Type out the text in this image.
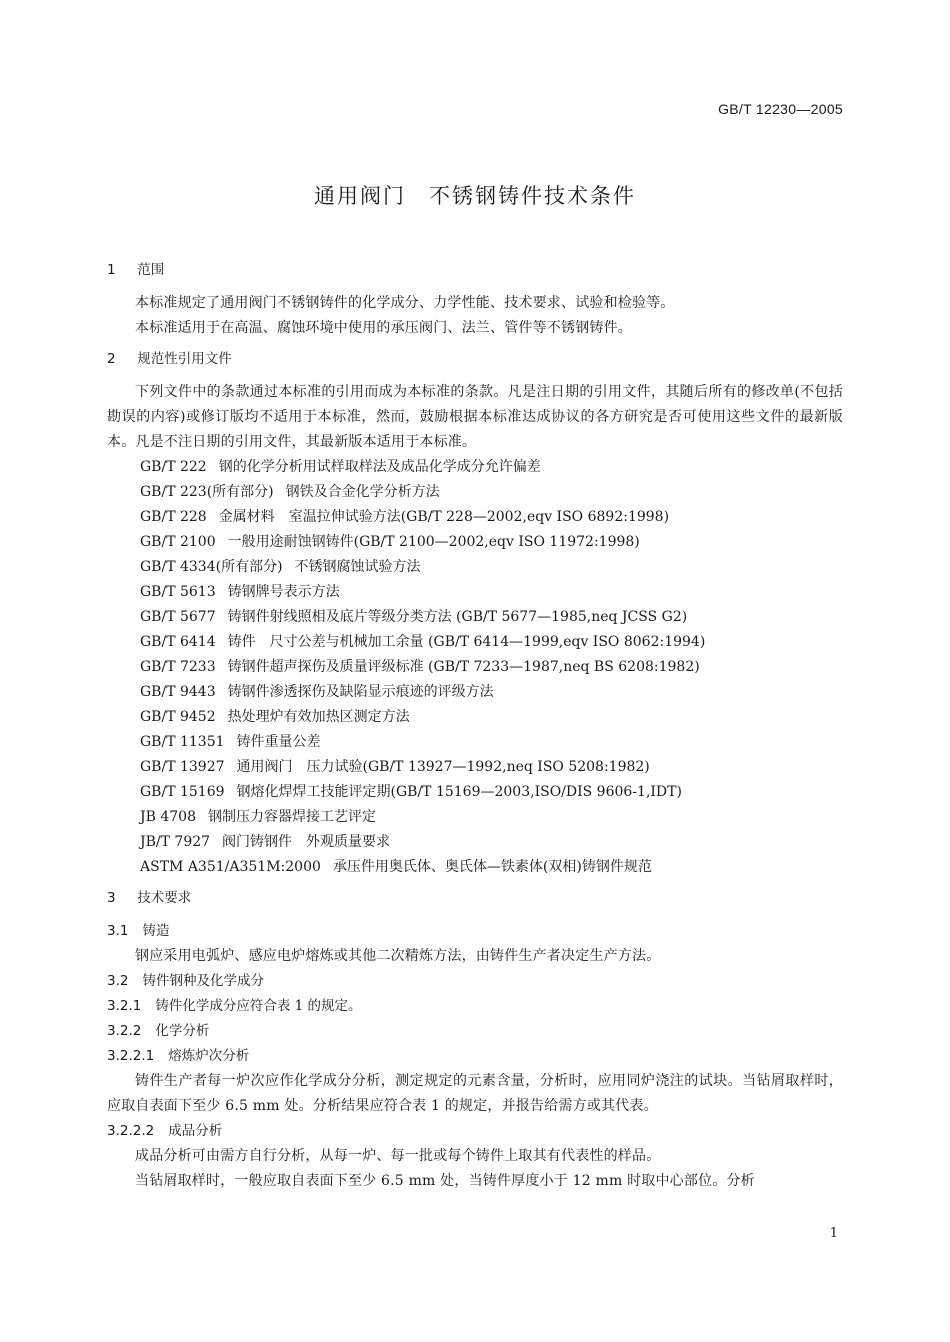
GB/T 12230—2005
通用阀门　不锈钢铸件技术条件
1 范围

本标准规定了通用阀门不锈钢铸件的化学成分、力学性能、技术要求、试验和检验等。

本标准适用于在高温、腐蚀环境中使用的承压阀门、法兰、管件等不锈钢铸件。

2 规范性引用文件

下列文件中的条款通过本标准的引用而成为本标准的条款。凡是注日期的引用文件，其随后所有的修改单(不包括勘误的内容)或修订版均不适用于本标准，然而，鼓励根据本标准达成协议的各方研究是否可使用这些文件的最新版本。凡是不注日期的引用文件，其最新版本适用于本标准。

GB/T 222 钢的化学分析用试样取样法及成品化学成分允许偏差
GB/T 223(所有部分) 钢铁及合金化学分析方法
GB/T 228 金属材料　室温拉伸试验方法(GB/T 228—2002,eqv ISO 6892:1998)
GB/T 2100 一般用途耐蚀钢铸件(GB/T 2100—2002,eqv ISO 11972:1998)
GB/T 4334(所有部分) 不锈钢腐蚀试验方法
GB/T 5613 铸钢牌号表示方法
GB/T 5677 铸钢件射线照相及底片等级分类方法 (GB/T 5677—1985,neq JCSS G2)
GB/T 6414 铸件　尺寸公差与机械加工余量 (GB/T 6414—1999,eqv ISO 8062:1994)
GB/T 7233 铸钢件超声探伤及质量评级标准 (GB/T 7233—1987,neq BS 6208:1982)
GB/T 9443 铸钢件渗透探伤及缺陷显示痕迹的评级方法
GB/T 9452 热处理炉有效加热区测定方法
GB/T 11351 铸件重量公差
GB/T 13927 通用阀门　压力试验(GB/T 13927—1992,neq ISO 5208:1982)
GB/T 15169 钢熔化焊焊工技能评定期(GB/T 15169—2003,ISO/DIS 9606-1,IDT)
JB 4708 钢制压力容器焊接工艺评定
JB/T 7927 阀门铸钢件　外观质量要求
ASTM A351/A351M:2000 承压件用奥氏体、奥氏体—铁素体(双相)铸钢件规范
3 技术要求
3.1 铸造

钢应采用电弧炉、感应电炉熔炼或其他二次精炼方法，由铸件生产者决定生产方法。

3.2 铸件钢种及化学成分
3.2.1 铸件化学成分应符合表 1 的规定。
3.2.2 化学分析
3.2.2.1 熔炼炉次分析

铸件生产者每一炉次应作化学成分分析，测定规定的元素含量，分析时，应用同炉浇注的试块。当钻屑取样时，应取自表面下至少 6.5 mm 处。分析结果应符合表 1 的规定，并报告给需方或其代表。

3.2.2.2 成品分析

成品分析可由需方自行分析，从每一炉、每一批或每个铸件上取其有代表性的样品。

当钻屑取样时，一般应取自表面下至少 6.5 mm 处，当铸件厚度小于 12 mm 时取中心部位。分析

1
